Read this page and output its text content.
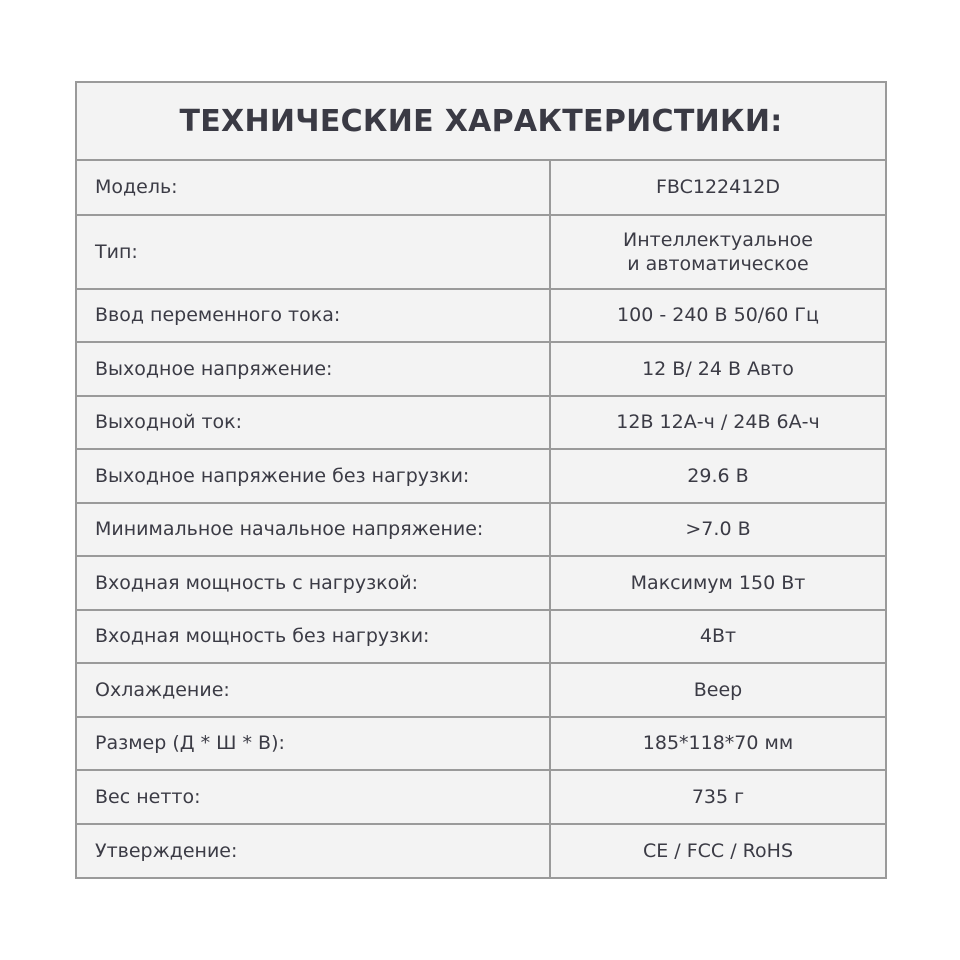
ТЕХНИЧЕСКИЕ ХАРАКТЕРИСТИКИ:
Модель:	FBC122412D
Тип:	Интеллектуальное
и автоматическое

Ввод переменного тока:	100 - 240 В 50/60 Гц
Выходное напряжение:	12 В/ 24 В Авто
Выходной ток:	12В 12А-ч / 24В 6А-ч
Выходное напряжение без нагрузки:	29.6 В
Минимальное начальное напряжение:	>7.0 В
Входная мощность с нагрузкой:	Максимум 150 Вт
Входная мощность без нагрузки:	4Вт
Охлаждение:	Веер
Размер (Д * Ш * В):	185*118*70 мм
Вес нетто:	735 г
Утверждение:	CE / FCC / RoHS
